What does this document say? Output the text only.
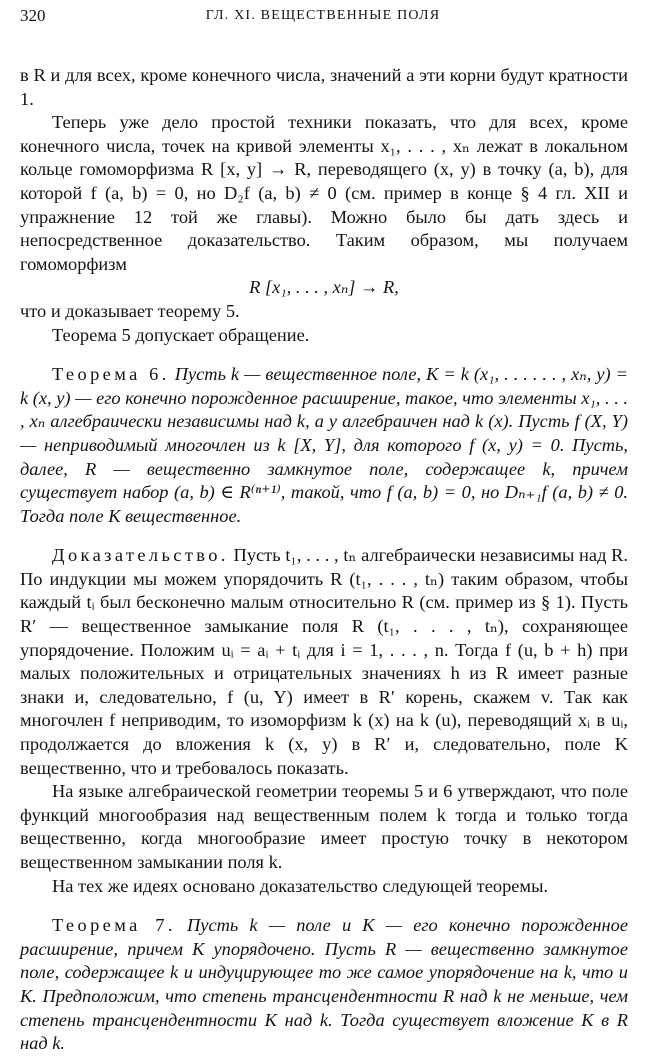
320	ГЛ. XI. ВЕЩЕСТВЕННЫЕ ПОЛЯ

в R и для всех, кроме конечного числа, значений a эти корни будут кратности 1.

Теперь уже дело простой техники показать, что для всех, кроме конечного числа, точек на кривой элементы x₁, . . . , xₙ лежат в локальном кольце гомоморфизма R [x, y] → R, переводящего (x, y) в точку (a, b), для которой f (a, b) = 0, но D₂f (a, b) ≠ 0 (см. пример в конце § 4 гл. XII и упражнение 12 той же главы). Можно было бы дать здесь и непосредственное доказательство. Таким образом, мы получаем гомоморфизм

R [x₁, . . . , xₙ] → R,

что и доказывает теорему 5.

Теорема 5 допускает обращение.

Теорема 6. Пусть k — вещественное поле, K = k (x₁, . . . . . . , xₙ, y) = k (x, y) — его конечно порожденное расширение, такое, что элементы x₁, . . . , xₙ алгебраически независимы над k, а y алгебраичен над k (x). Пусть f (X, Y) — неприводимый многочлен из k [X, Y], для которого f (x, y) = 0. Пусть, далее, R — вещественно замкнутое поле, содержащее k, причем существует набор (a, b) ∈ R⁽ⁿ⁺¹⁾, такой, что f (a, b) = 0, но Dₙ₊₁f (a, b) ≠ 0. Тогда поле K вещественное.

Доказательство. Пусть t₁, . . . , tₙ алгебраически независимы над R. По индукции мы можем упорядочить R (t₁, . . . , tₙ) таким образом, чтобы каждый tᵢ был бесконечно малым относительно R (см. пример из § 1). Пусть R′ — вещественное замыкание поля R (t₁, . . . , tₙ), сохраняющее упорядочение. Положим uᵢ = aᵢ + tᵢ для i = 1, . . . , n. Тогда f (u, b + h) при малых положительных и отрицательных значениях h из R имеет разные знаки и, следовательно, f (u, Y) имеет в R′ корень, скажем v. Так как многочлен f неприводим, то изоморфизм k (x) на k (u), переводящий xᵢ в uᵢ, продолжается до вложения k (x, y) в R′ и, следовательно, поле K вещественно, что и требовалось показать.

На языке алгебраической геометрии теоремы 5 и 6 утверждают, что поле функций многообразия над вещественным полем k тогда и только тогда вещественно, когда многообразие имеет простую точку в некотором вещественном замыкании поля k.

На тех же идеях основано доказательство следующей теоремы.

Теорема 7. Пусть k — поле и K — его конечно порожденное расширение, причем K упорядочено. Пусть R — вещественно замкнутое поле, содержащее k и индуцирующее то же самое упорядочение на k, что и K. Предположим, что степень трансцендентности R над k не меньше, чем степень трансцендентности K над k. Тогда существует вложение K в R над k.
